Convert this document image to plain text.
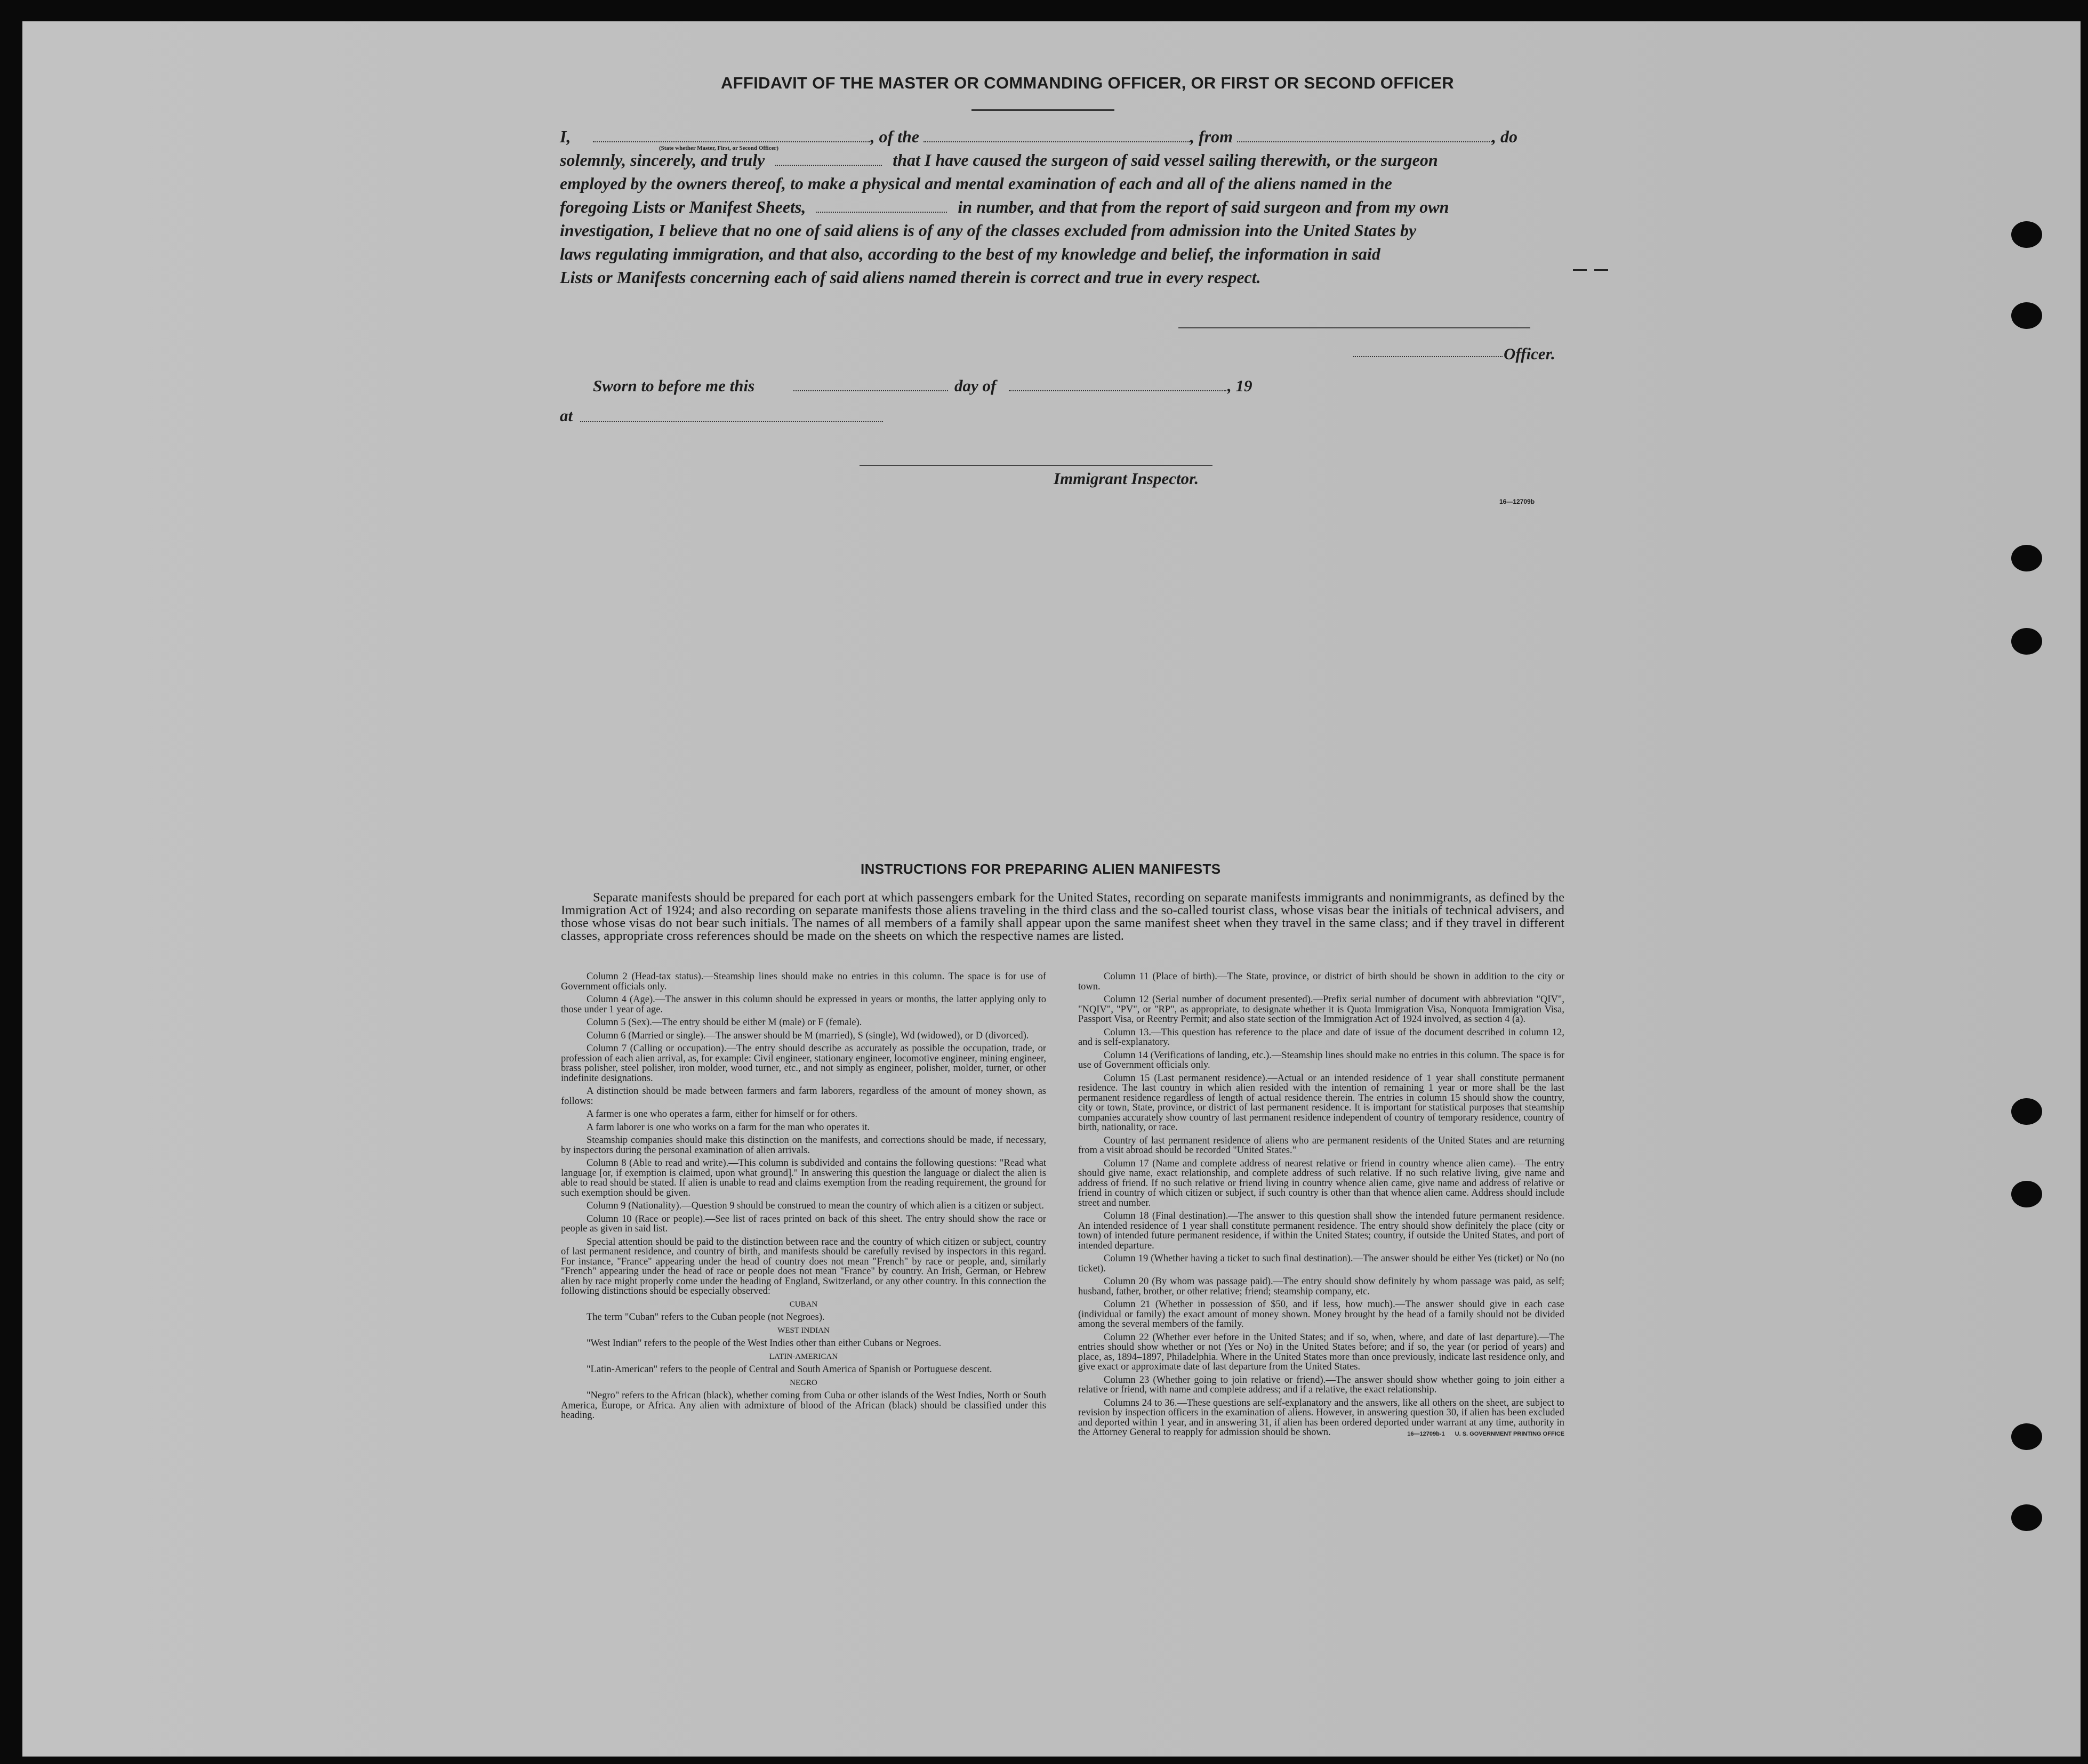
AFFIDAVIT OF THE MASTER OR COMMANDING OFFICER, OR FIRST OR SECOND OFFICER
I,	, of the	, from	, do
(State whether Master, First, or Second Officer)
solemnly, sincerely, and truly	that I have caused the surgeon of said vessel sailing therewith, or the surgeon
employed by the owners thereof, to make a physical and mental examination of each and all of the aliens named in the
foregoing Lists or Manifest Sheets,	in number, and that from the report of said surgeon and from my own
investigation, I believe that no one of said aliens is of any of the classes excluded from admission into the United States by
laws regulating immigration, and that also, according to the best of my knowledge and belief, the information in said
Lists or Manifests concerning each of said aliens named therein is correct and true in every respect.
Officer.
Sworn to before me this	day of	, 19
at
Immigrant Inspector.
16—12709b
INSTRUCTIONS FOR PREPARING ALIEN MANIFESTS

Separate manifests should be prepared for each port at which passengers embark for the United States, recording on separate manifests immigrants and nonimmigrants, as defined by the Immigration Act of 1924; and also recording on separate manifests those aliens traveling in the third class and the so-called tourist class, whose visas bear the initials of technical advisers, and those whose visas do not bear such initials. The names of all members of a family shall appear upon the same manifest sheet when they travel in the same class; and if they travel in different classes, appropriate cross references should be made on the sheets on which the respective names are listed.

Column 2 (Head-tax status).—Steamship lines should make no entries in this column. The space is for use of Government officials only.

Column 4 (Age).—The answer in this column should be expressed in years or months, the latter applying only to those under 1 year of age.

Column 5 (Sex).—The entry should be either M (male) or F (female).

Column 6 (Married or single).—The answer should be M (married), S (single), Wd (widowed), or D (divorced).

Column 7 (Calling or occupation).—The entry should describe as accurately as possible the occupation, trade, or profession of each alien arrival, as, for example: Civil engineer, stationary engineer, locomotive engineer, mining engineer, brass polisher, steel polisher, iron molder, wood turner, etc., and not simply as engineer, polisher, molder, turner, or other indefinite designations.

A distinction should be made between farmers and farm laborers, regardless of the amount of money shown, as follows:

A farmer is one who operates a farm, either for himself or for others.

A farm laborer is one who works on a farm for the man who operates it.

Steamship companies should make this distinction on the manifests, and corrections should be made, if necessary, by inspectors during the personal examination of alien arrivals.

Column 8 (Able to read and write).—This column is subdivided and contains the following questions: "Read what language [or, if exemption is claimed, upon what ground]." In answering this question the language or dialect the alien is able to read should be stated. If alien is unable to read and claims exemption from the reading requirement, the ground for such exemption should be given.

Column 9 (Nationality).—Question 9 should be construed to mean the country of which alien is a citizen or subject.

Column 10 (Race or people).—See list of races printed on back of this sheet. The entry should show the race or people as given in said list.

Special attention should be paid to the distinction between race and the country of which citizen or subject, country of last permanent residence, and country of birth, and manifests should be carefully revised by inspectors in this regard. For instance, "France" appearing under the head of country does not mean "French" by race or people, and, similarly "French" appearing under the head of race or people does not mean "France" by country. An Irish, German, or Hebrew alien by race might properly come under the heading of England, Switzerland, or any other country. In this connection the following distinctions should be especially observed:

CUBAN

The term "Cuban" refers to the Cuban people (not Negroes).

WEST INDIAN

"West Indian" refers to the people of the West Indies other than either Cubans or Negroes.

LATIN-AMERICAN

"Latin-American" refers to the people of Central and South America of Spanish or Portuguese descent.

NEGRO

"Negro" refers to the African (black), whether coming from Cuba or other islands of the West Indies, North or South America, Europe, or Africa. Any alien with admixture of blood of the African (black) should be classified under this heading.

Column 11 (Place of birth).—The State, province, or district of birth should be shown in addition to the city or town.

Column 12 (Serial number of document presented).—Prefix serial number of document with abbreviation "QIV", "NQIV", "PV", or "RP", as appropriate, to designate whether it is Quota Immigration Visa, Nonquota Immigration Visa, Passport Visa, or Reentry Permit; and also state section of the Immigration Act of 1924 involved, as section 4 (a).

Column 13.—This question has reference to the place and date of issue of the document described in column 12, and is self-explanatory.

Column 14 (Verifications of landing, etc.).—Steamship lines should make no entries in this column. The space is for use of Government officials only.

Column 15 (Last permanent residence).—Actual or an intended residence of 1 year shall constitute permanent residence. The last country in which alien resided with the intention of remaining 1 year or more shall be the last permanent residence regardless of length of actual residence therein. The entries in column 15 should show the country, city or town, State, province, or district of last permanent residence. It is important for statistical purposes that steamship companies accurately show country of last permanent residence independent of country of temporary residence, country of birth, nationality, or race.

Country of last permanent residence of aliens who are permanent residents of the United States and are returning from a visit abroad should be recorded "United States."

Column 17 (Name and complete address of nearest relative or friend in country whence alien came).—The entry should give name, exact relationship, and complete address of such relative. If no such relative living, give name and address of friend. If no such relative or friend living in country whence alien came, give name and address of relative or friend in country of which citizen or subject, if such country is other than that whence alien came. Address should include street and number.

Column 18 (Final destination).—The answer to this question shall show the intended future permanent residence. An intended residence of 1 year shall constitute permanent residence. The entry should show definitely the place (city or town) of intended future permanent residence, if within the United States; country, if outside the United States, and port of intended departure.

Column 19 (Whether having a ticket to such final destination).—The answer should be either Yes (ticket) or No (no ticket).

Column 20 (By whom was passage paid).—The entry should show definitely by whom passage was paid, as self; husband, father, brother, or other relative; friend; steamship company, etc.

Column 21 (Whether in possession of $50, and if less, how much).—The answer should give in each case (individual or family) the exact amount of money shown. Money brought by the head of a family should not be divided among the several members of the family.

Column 22 (Whether ever before in the United States; and if so, when, where, and date of last departure).—The entries should show whether or not (Yes or No) in the United States before; and if so, the year (or period of years) and place, as, 1894–1897, Philadelphia. Where in the United States more than once previously, indicate last residence only, and give exact or approximate date of last departure from the United States.

Column 23 (Whether going to join relative or friend).—The answer should show whether going to join either a relative or friend, with name and complete address; and if a relative, the exact relationship.

Columns 24 to 36.—These questions are self-explanatory and the answers, like all others on the sheet, are subject to revision by inspection officers in the examination of aliens. However, in answering question 30, if alien has been excluded and deported within 1 year, and in answering 31, if alien has been ordered deported under warrant at any time, authority in the Attorney General to reapply for admission should be shown.	16—12709b-1 U. S. GOVERNMENT PRINTING OFFICE
